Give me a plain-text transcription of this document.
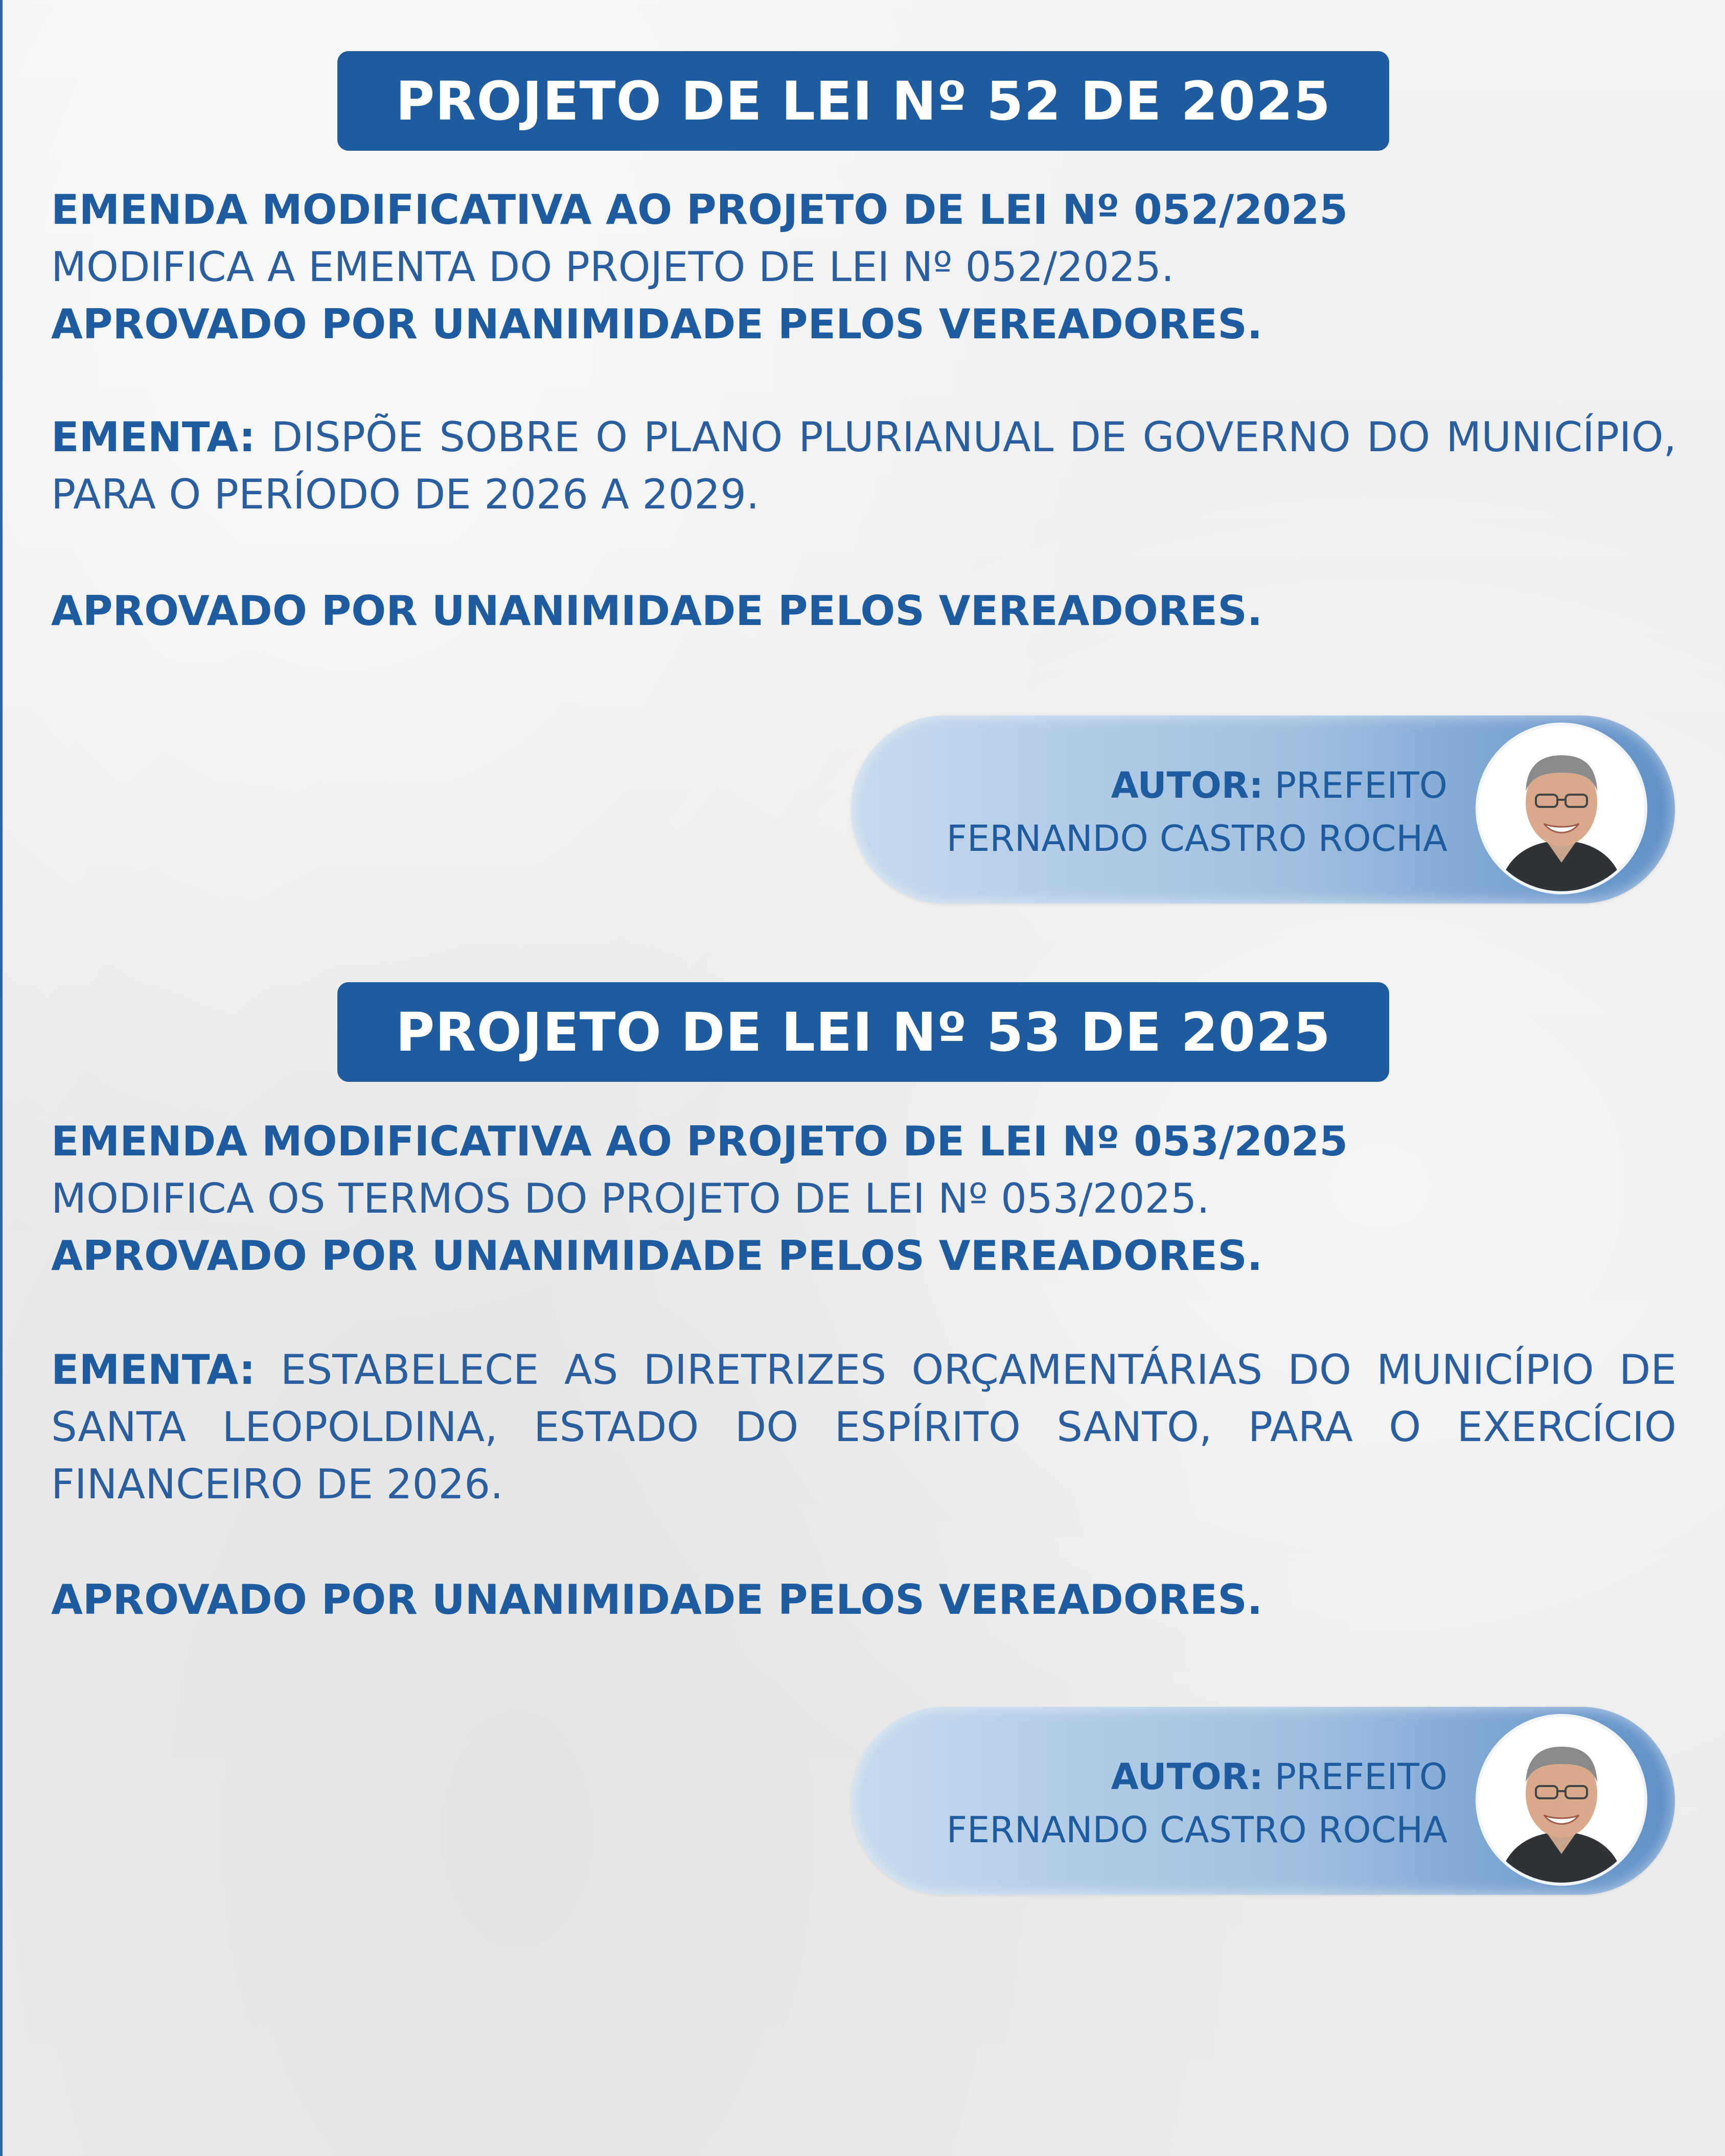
PROJETO DE LEI Nº 52 DE 2025
EMENDA MODIFICATIVA AO PROJETO DE LEI Nº 052/2025
MODIFICA A EMENTA DO PROJETO DE LEI Nº 052/2025.
APROVADO POR UNANIMIDADE PELOS VEREADORES.
EMENTA: DISPÕE SOBRE O PLANO PLURIANUAL DE GOVERNO DO MUNICÍPIO, PARA O PERÍODO DE 2026 A 2029.
APROVADO POR UNANIMIDADE PELOS VEREADORES.
AUTOR: PREFEITO
FERNANDO CASTRO ROCHA
PROJETO DE LEI Nº 53 DE 2025
EMENDA MODIFICATIVA AO PROJETO DE LEI Nº 053/2025
MODIFICA OS TERMOS DO PROJETO DE LEI Nº 053/2025.
APROVADO POR UNANIMIDADE PELOS VEREADORES.
EMENTA: ESTABELECE AS DIRETRIZES ORÇAMENTÁRIAS DO MUNICÍPIO DE SANTA LEOPOLDINA, ESTADO DO ESPÍRITO SANTO, PARA O EXERCÍCIO FINANCEIRO DE 2026.
APROVADO POR UNANIMIDADE PELOS VEREADORES.
AUTOR: PREFEITO
FERNANDO CASTRO ROCHA
